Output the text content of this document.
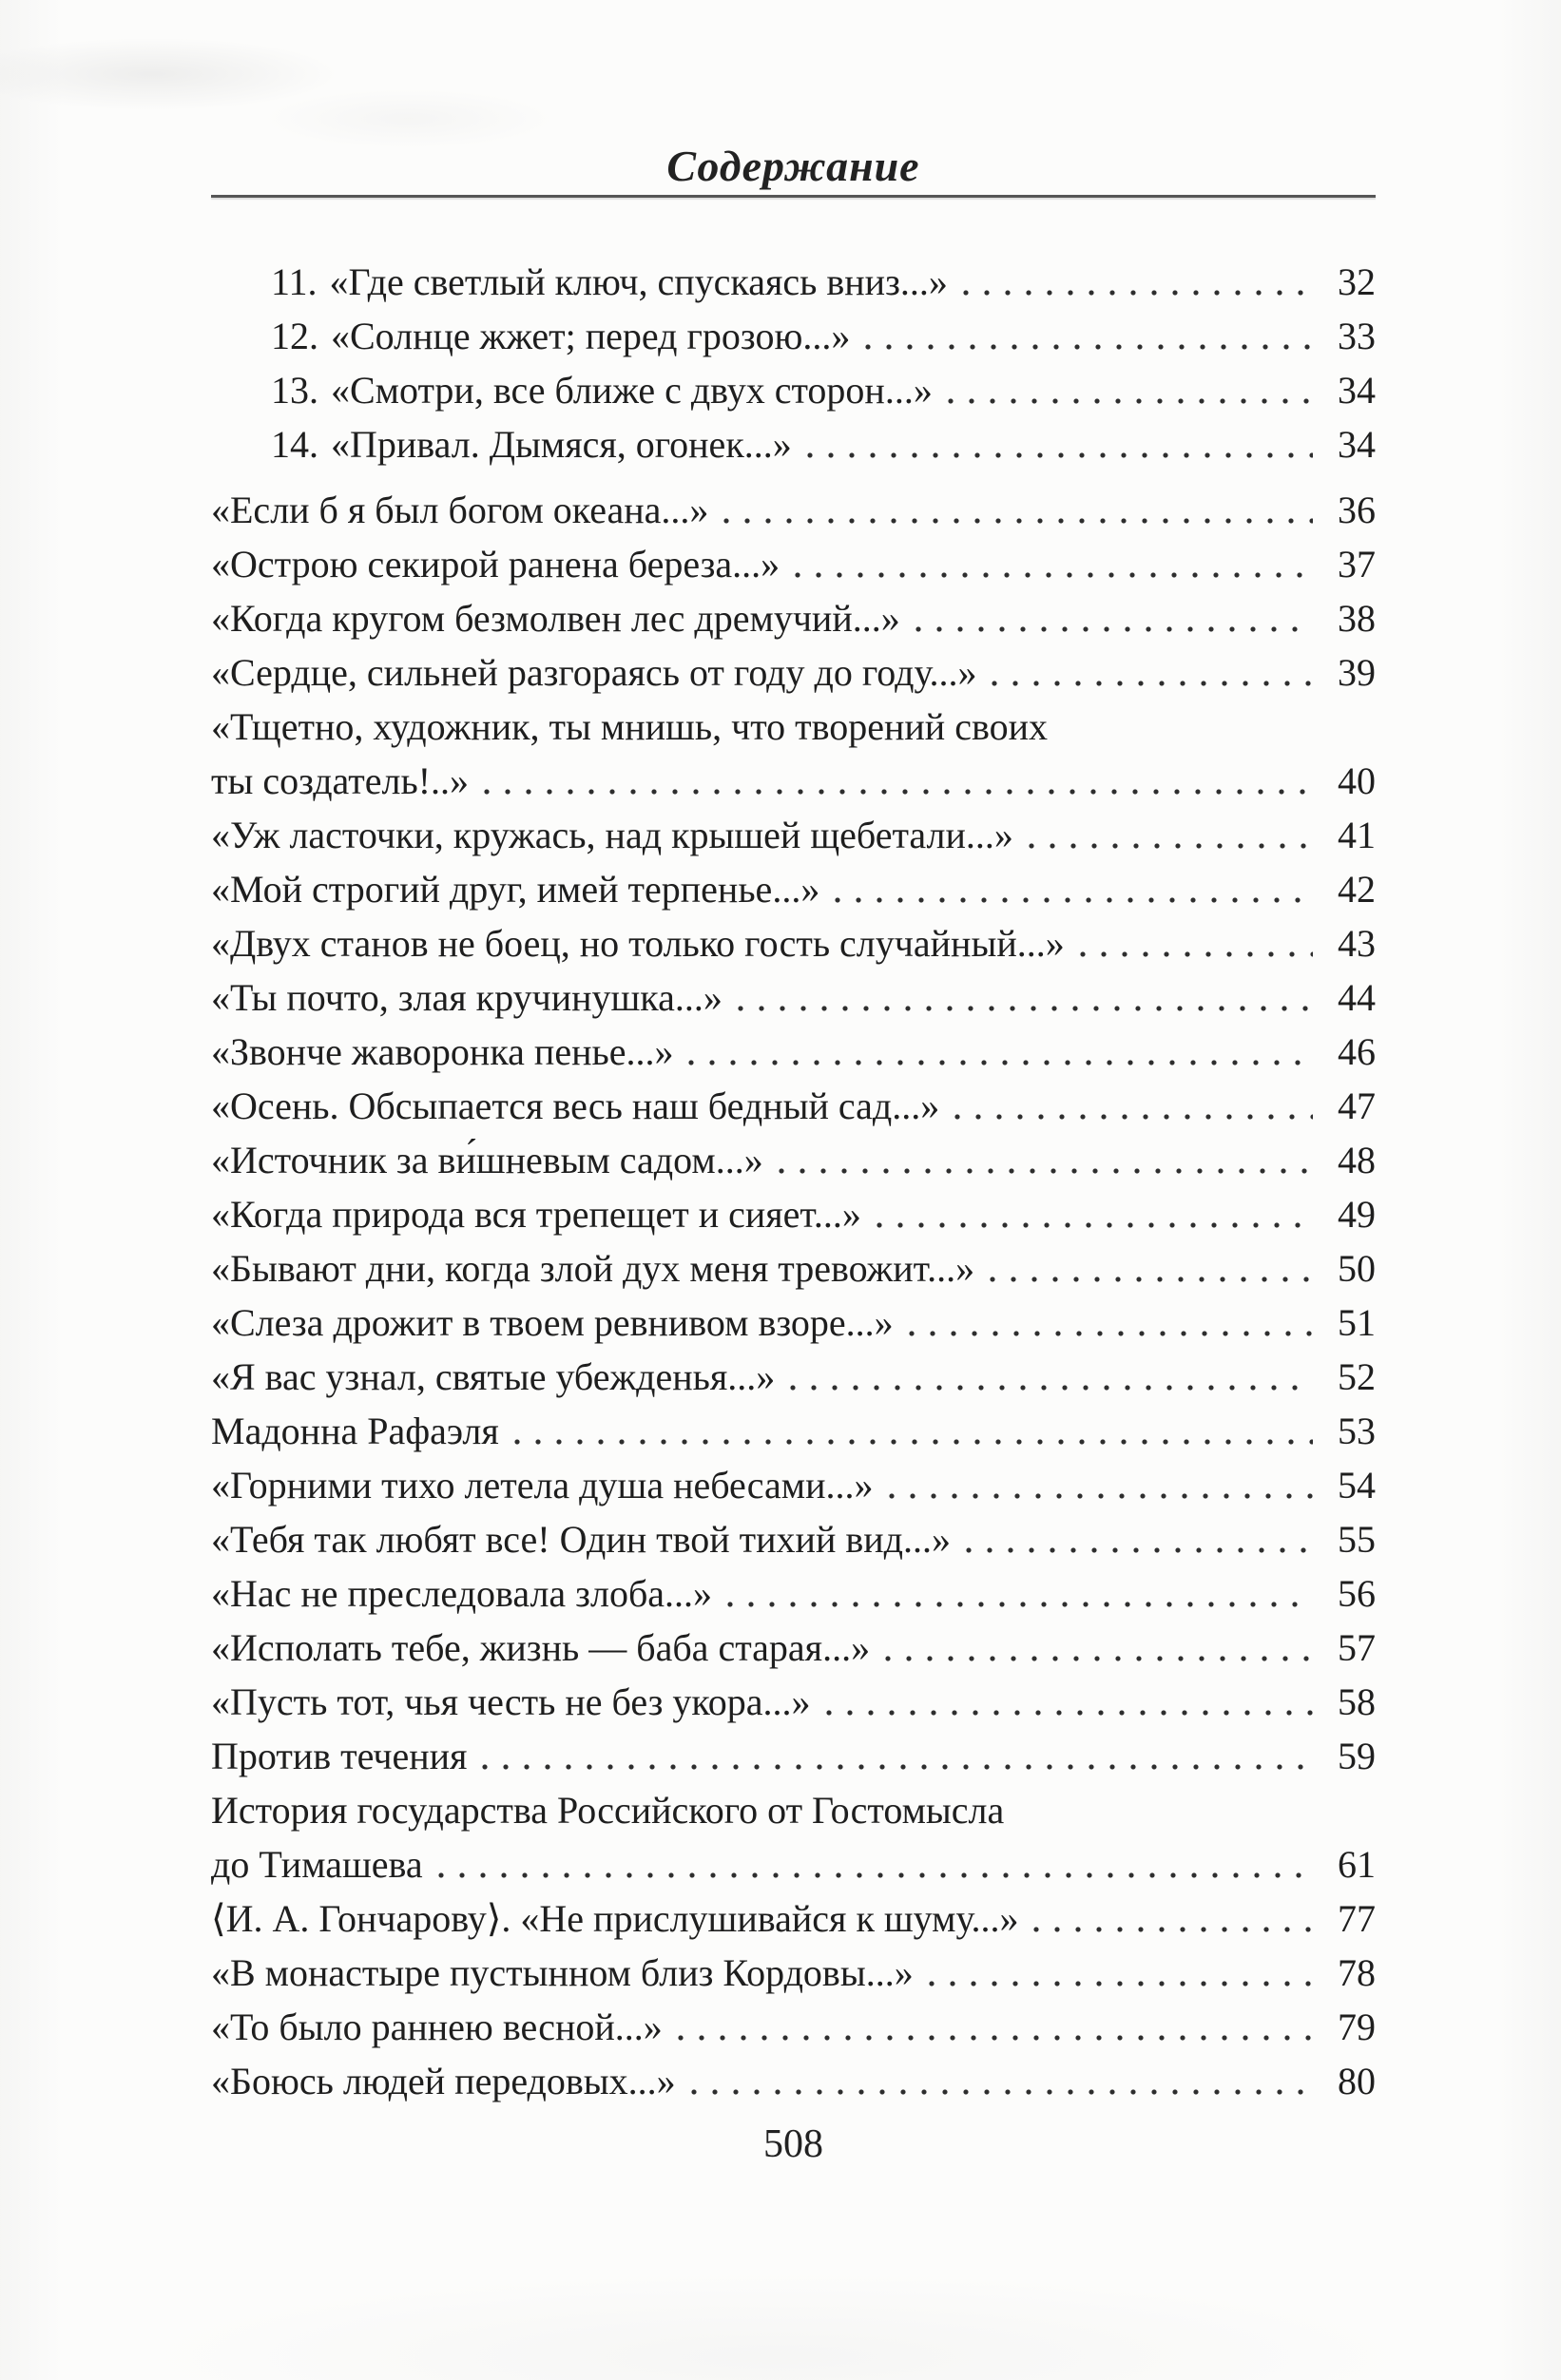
Содержание
11. «Где светлый ключ, спускаясь вниз...»	32
12. «Солнце жжет; перед грозою...»	33
13. «Смотри, все ближе с двух сторон...»	34
14. «Привал. Дымяся, огонек...»	34
«Если б я был богом океана...»	36
«Острою секирой ранена береза...»	37
«Когда кругом безмолвен лес дремучий...»	38
«Сердце, сильней разгораясь от году до году...»	39
«Тщетно, художник, ты мнишь, что творений своих
ты создатель!..»	40
«Уж ласточки, кружась, над крышей щебетали...»	41
«Мой строгий друг, имей терпенье...»	42
«Двух станов не боец, но только гость случайный...»	43
«Ты почто, злая кручинушка...»	44
«Звонче жаворонка пенье...»	46
«Осень. Обсыпается весь наш бедный сад...»	47
«Источник за ви́шневым садом...»	48
«Когда природа вся трепещет и сияет...»	49
«Бывают дни, когда злой дух меня тревожит...»	50
«Слеза дрожит в твоем ревнивом взоре...»	51
«Я вас узнал, святые убежденья...»	52
Мадонна Рафаэля	53
«Горними тихо летела душа небесами...»	54
«Тебя так любят все! Один твой тихий вид...»	55
«Нас не преследовала злоба...»	56
«Исполать тебе, жизнь — баба старая...»	57
«Пусть тот, чья честь не без укора...»	58
Против течения	59
История государства Российского от Гостомысла
до Тимашева	61
⟨И. А. Гончарову⟩. «Не прислушивайся к шуму...»	77
«В монастыре пустынном близ Кордовы...»	78
«То было раннею весной...»	79
«Боюсь людей передовых...»	80
508
